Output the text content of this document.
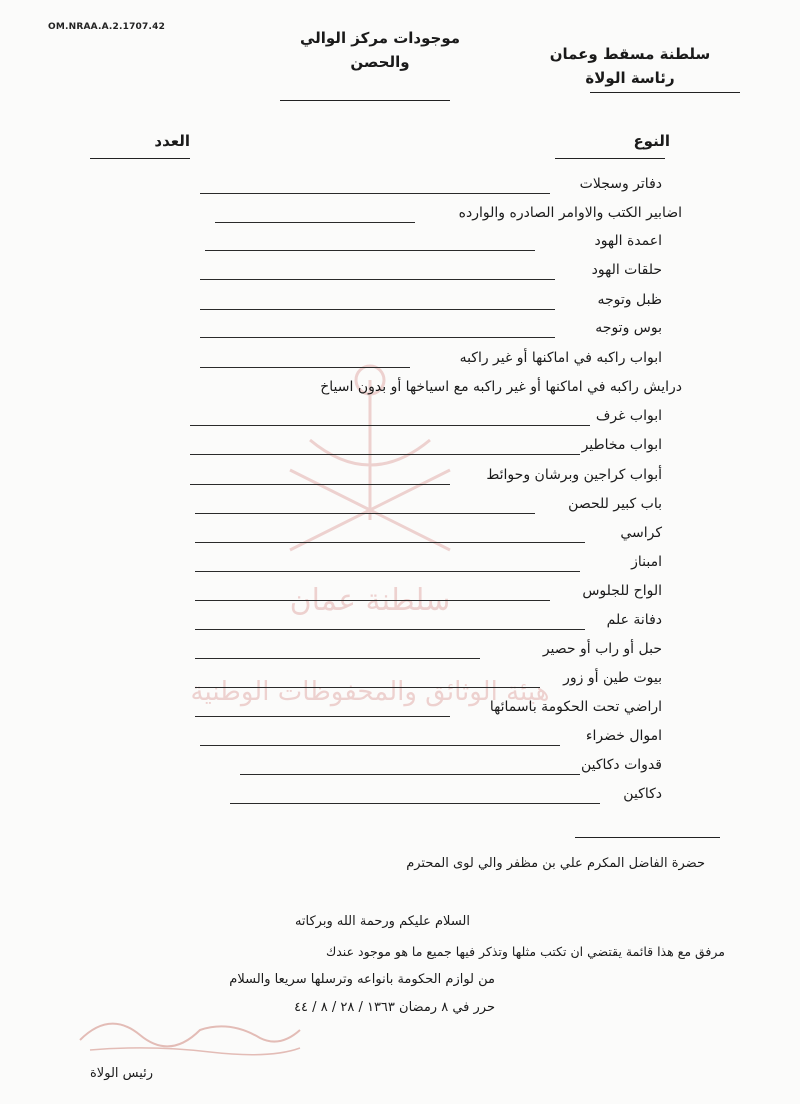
OM.NRAA.A.2.1707.42
سلطنة مسقط وعمان
رئاسة الولاة
موجودات مركز الوالي
والحصن
النوع
العدد
سلطنة عمان
هيئة الوثائق والمحفوظات الوطنية
دفاتر وسجلات
اضابير الكتب والاوامر الصادره والوارده
اعمدة الهود
حلقات الهود
ظبل وتوجه
بوس وتوجه
ابواب راكبه في اماكنها أو غير راكبه
درايش راكبه في اماكنها أو غير راكبه مع اسياخها أو بدون اسياخ
ابواب غرف
ابواب مخاطير
أبواب كراجين وبرشان وحوائط
باب كبير للحصن
كراسي
امبناز
الواح للجلوس
دفانة علم
حبل أو راب أو حصير
بيوت طين أو زور
اراضي تحت الحكومة باسمائها
اموال خضراء
قدوات دكاكين
دكاكين
حضرة الفاضل المكرم علي بن مظفر والي لوى المحترم
السلام عليكم ورحمة الله وبركاته
مرفق مع هذا قائمة يقتضي ان تكتب مثلها وتذكر فيها جميع ما هو موجود عندك
من لوازم الحكومة بانواعه وترسلها سريعا والسلام
حرر في ٨ رمضان ١٣٦٣ / ٢٨ / ٨ / ٤٤
رئيس الولاة
